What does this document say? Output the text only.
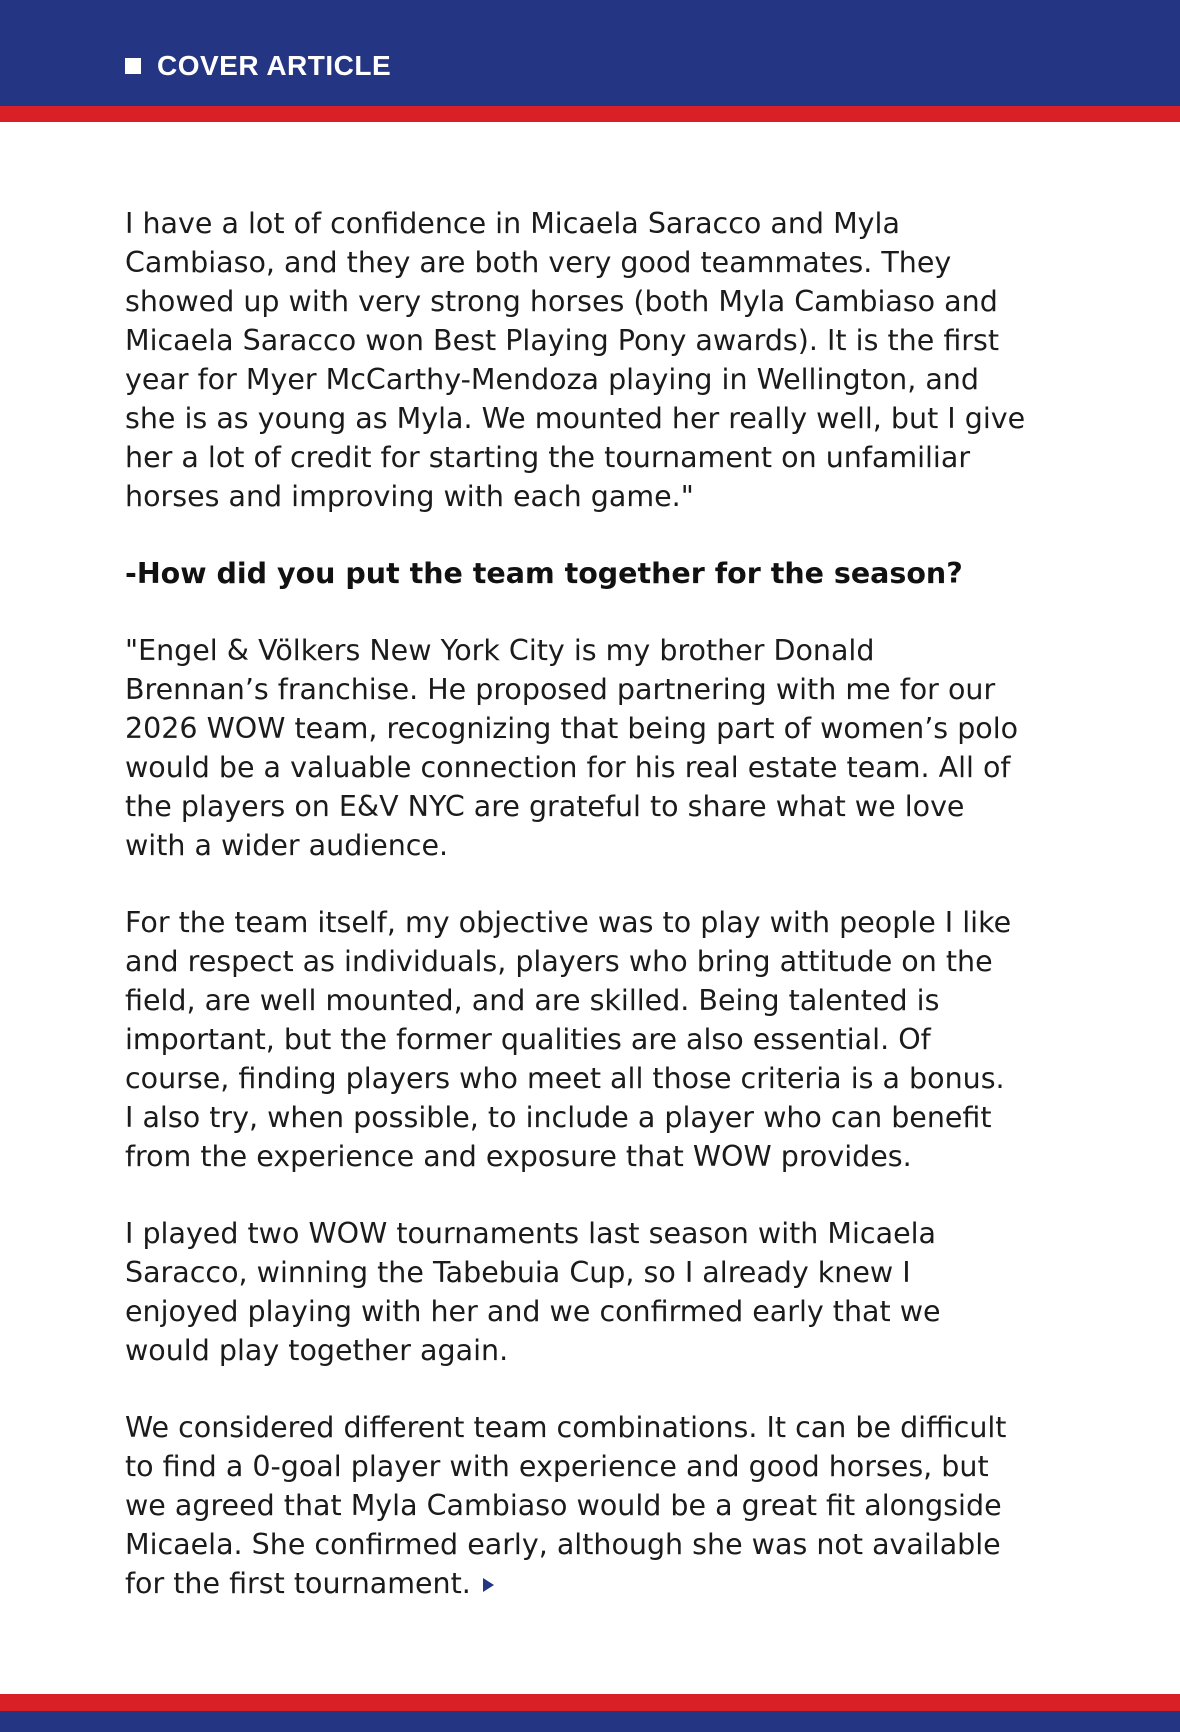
COVER ARTICLE

I have a lot of confidence in Micaela Saracco and Myla
Cambiaso, and they are both very good teammates. They
showed up with very strong horses (both Myla Cambiaso and
Micaela Saracco won Best Playing Pony awards). It is the first
year for Myer McCarthy-Mendoza playing in Wellington, and
she is as young as Myla. We mounted her really well, but I give
her a lot of credit for starting the tournament on unfamiliar
horses and improving with each game."

-How did you put the team together for the season?

"Engel & Völkers New York City is my brother Donald
Brennan’s franchise. He proposed partnering with me for our
2026 WOW team, recognizing that being part of women’s polo
would be a valuable connection for his real estate team. All of
the players on E&V NYC are grateful to share what we love
with a wider audience.

For the team itself, my objective was to play with people I like
and respect as individuals, players who bring attitude on the
field, are well mounted, and are skilled. Being talented is
important, but the former qualities are also essential. Of
course, finding players who meet all those criteria is a bonus.
I also try, when possible, to include a player who can benefit
from the experience and exposure that WOW provides.

I played two WOW tournaments last season with Micaela
Saracco, winning the Tabebuia Cup, so I already knew I
enjoyed playing with her and we confirmed early that we
would play together again.

We considered different team combinations. It can be difficult
to find a 0-goal player with experience and good horses, but
we agreed that Myla Cambiaso would be a great fit alongside
Micaela. She confirmed early, although she was not available
for the first tournament.
